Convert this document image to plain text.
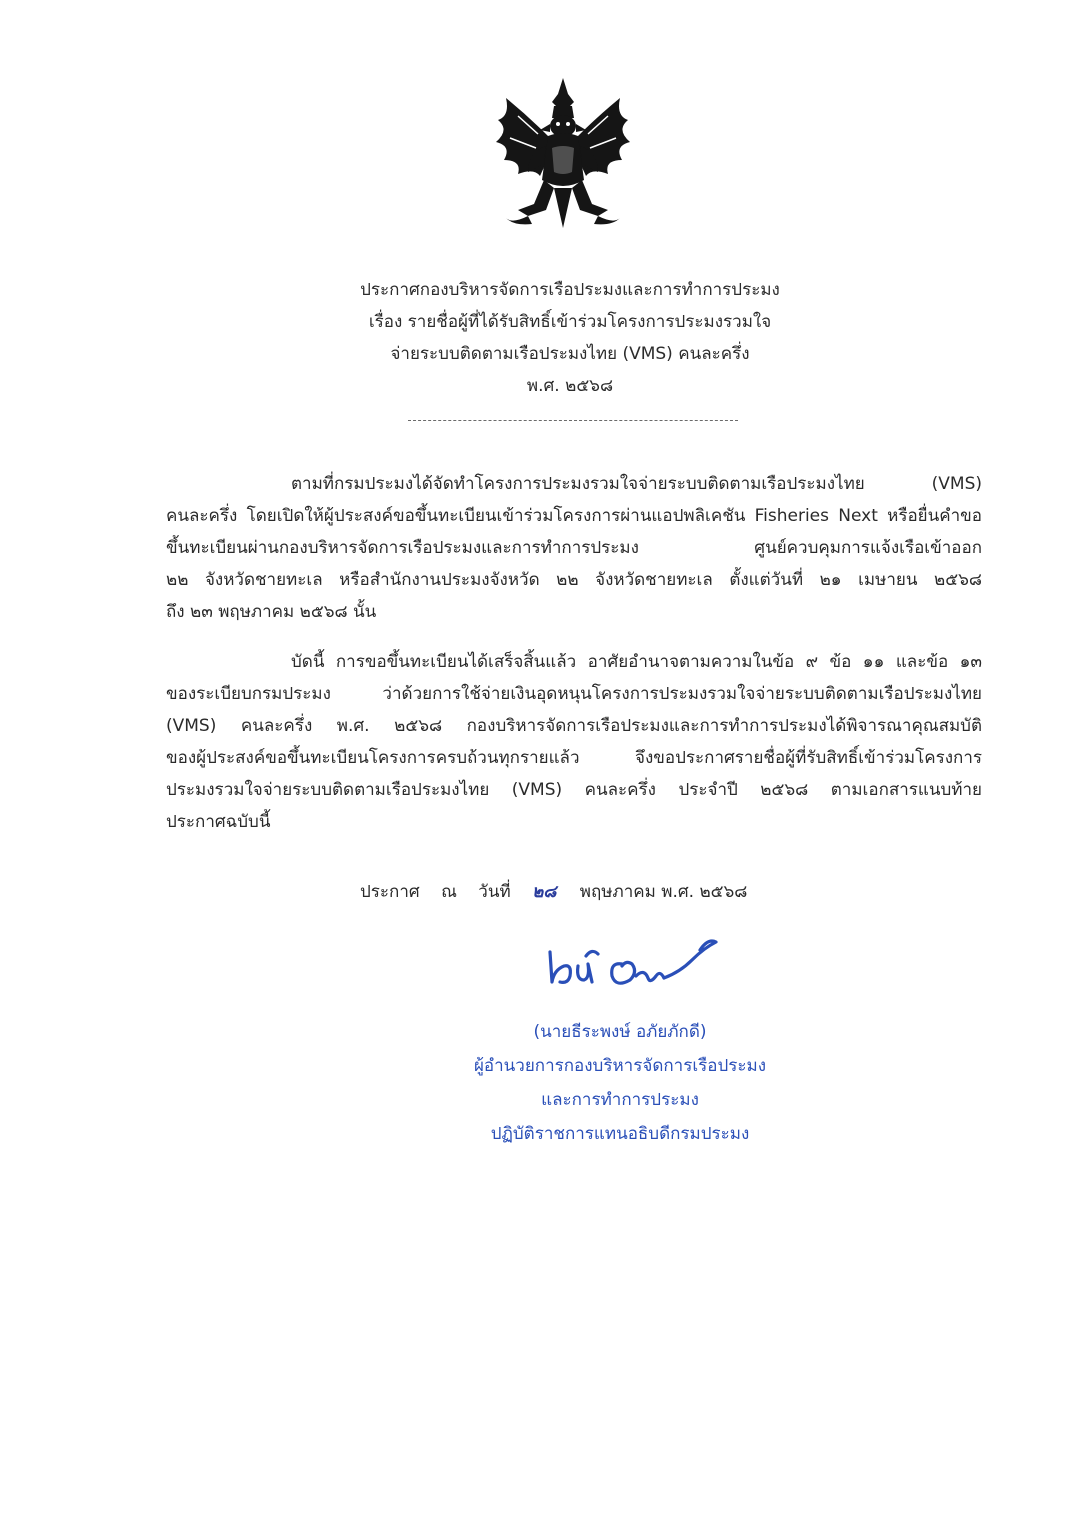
ประกาศกองบริหารจัดการเรือประมงและการทำการประมง
เรื่อง รายชื่อผู้ที่ได้รับสิทธิ์เข้าร่วมโครงการประมงรวมใจ
จ่ายระบบติดตามเรือประมงไทย (VMS) คนละครึ่ง
พ.ศ. ๒๕๖๘
ตามที่กรมประมงได้จัดทำโครงการประมงรวมใจจ่ายระบบติดตามเรือประมงไทย (VMS)
คนละครึ่ง โดยเปิดให้ผู้ประสงค์ขอขึ้นทะเบียนเข้าร่วมโครงการผ่านแอปพลิเคชัน Fisheries Next หรือยื่นคำขอ
ขึ้นทะเบียนผ่านกองบริหารจัดการเรือประมงและการทำการประมง ศูนย์ควบคุมการแจ้งเรือเข้าออก
๒๒ จังหวัดชายทะเล หรือสำนักงานประมงจังหวัด ๒๒ จังหวัดชายทะเล ตั้งแต่วันที่ ๒๑ เมษายน ๒๕๖๘
ถึง ๒๓ พฤษภาคม ๒๕๖๘ นั้น
บัดนี้ การขอขึ้นทะเบียนได้เสร็จสิ้นแล้ว อาศัยอำนาจตามความในข้อ ๙ ข้อ ๑๑ และข้อ ๑๓
ของระเบียบกรมประมง ว่าด้วยการใช้จ่ายเงินอุดหนุนโครงการประมงรวมใจจ่ายระบบติดตามเรือประมงไทย
(VMS) คนละครึ่ง พ.ศ. ๒๕๖๘ กองบริหารจัดการเรือประมงและการทำการประมงได้พิจารณาคุณสมบัติ
ของผู้ประสงค์ขอขึ้นทะเบียนโครงการครบถ้วนทุกรายแล้ว จึงขอประกาศรายชื่อผู้ที่รับสิทธิ์เข้าร่วมโครงการ
ประมงรวมใจจ่ายระบบติดตามเรือประมงไทย (VMS) คนละครึ่ง ประจำปี ๒๕๖๘ ตามเอกสารแนบท้าย
ประกาศฉบับนี้
ประกาศ ณ วันที่ ๒๘ พฤษภาคม พ.ศ. ๒๕๖๘
(นายธีระพงษ์ อภัยภักดี)
ผู้อำนวยการกองบริหารจัดการเรือประมง
และการทำการประมง
ปฏิบัติราชการแทนอธิบดีกรมประมง
